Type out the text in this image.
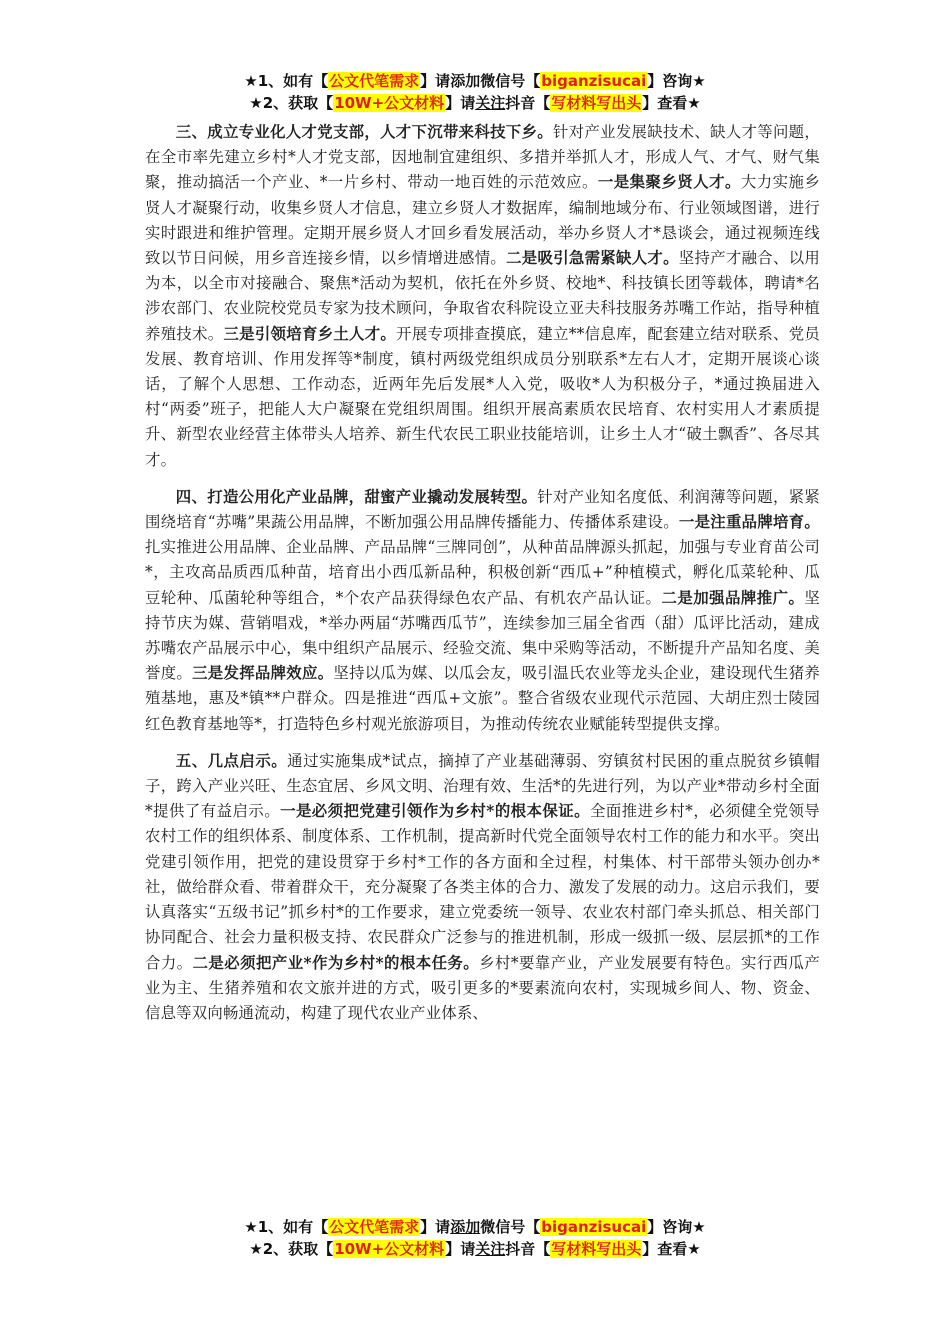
★1、如有【公文代笔需求】请添加微信号【biganzisucai】咨询★
★2、获取【10W+公文材料】请关注抖音【写材料写出头】查看★

三、成立专业化人才党支部，人才下沉带来科技下乡。针对产业发展缺技术、缺人才等问题，在全市率先建立乡村*人才党支部，因地制宜建组织、多措并举抓人才，形成人气、才气、财气集聚，推动搞活一个产业、*一片乡村、带动一地百姓的示范效应。一是集聚乡贤人才。大力实施乡贤人才凝聚行动，收集乡贤人才信息，建立乡贤人才数据库，编制地域分布、行业领域图谱，进行实时跟进和维护管理。定期开展乡贤人才回乡看发展活动，举办乡贤人才*恳谈会，通过视频连线致以节日问候，用乡音连接乡情，以乡情增进感情。二是吸引急需紧缺人才。坚持产才融合、以用为本，以全市对接融合、聚焦*活动为契机，依托在外乡贤、校地*、科技镇长团等载体，聘请*名涉农部门、农业院校党员专家为技术顾问，争取省农科院设立亚夫科技服务苏嘴工作站，指导种植养殖技术。三是引领培育乡土人才。开展专项排查摸底，建立**信息库，配套建立结对联系、党员发展、教育培训、作用发挥等*制度，镇村两级党组织成员分别联系*左右人才，定期开展谈心谈话，了解个人思想、工作动态，近两年先后发展*人入党，吸收*人为积极分子，*通过换届进入村“两委”班子，把能人大户凝聚在党组织周围。组织开展高素质农民培育、农村实用人才素质提升、新型农业经营主体带头人培养、新生代农民工职业技能培训，让乡土人才“破土飘香”、各尽其才。

四、打造公用化产业品牌，甜蜜产业撬动发展转型。针对产业知名度低、利润薄等问题，紧紧围绕培育“苏嘴”果蔬公用品牌，不断加强公用品牌传播能力、传播体系建设。一是注重品牌培育。扎实推进公用品牌、企业品牌、产品品牌“三牌同创”，从种苗品牌源头抓起，加强与专业育苗公司*，主攻高品质西瓜种苗，培育出小西瓜新品种，积极创新“西瓜+”种植模式，孵化瓜菜轮种、瓜豆轮种、瓜菌轮种等组合，*个农产品获得绿色农产品、有机农产品认证。二是加强品牌推广。坚持节庆为媒、营销唱戏，*举办两届“苏嘴西瓜节”，连续参加三届全省西（甜）瓜评比活动，建成苏嘴农产品展示中心，集中组织产品展示、经验交流、集中采购等活动，不断提升产品知名度、美誉度。三是发挥品牌效应。坚持以瓜为媒、以瓜会友，吸引温氏农业等龙头企业，建设现代生猪养殖基地，惠及*镇**户群众。四是推进“西瓜+文旅”。整合省级农业现代示范园、大胡庄烈士陵园红色教育基地等*，打造特色乡村观光旅游项目，为推动传统农业赋能转型提供支撑。

五、几点启示。通过实施集成*试点，摘掉了产业基础薄弱、穷镇贫村民困的重点脱贫乡镇帽子，跨入产业兴旺、生态宜居、乡风文明、治理有效、生活*的先进行列，为以产业*带动乡村全面*提供了有益启示。一是必须把党建引领作为乡村*的根本保证。全面推进乡村*，必须健全党领导农村工作的组织体系、制度体系、工作机制，提高新时代党全面领导农村工作的能力和水平。突出党建引领作用，把党的建设贯穿于乡村*工作的各方面和全过程，村集体、村干部带头领办创办*社，做给群众看、带着群众干，充分凝聚了各类主体的合力、激发了发展的动力。这启示我们，要认真落实“五级书记”抓乡村*的工作要求，建立党委统一领导、农业农村部门牵头抓总、相关部门协同配合、社会力量积极支持、农民群众广泛参与的推进机制，形成一级抓一级、层层抓*的工作合力。二是必须把产业*作为乡村*的根本任务。乡村*要靠产业，产业发展要有特色。实行西瓜产业为主、生猪养殖和农文旅并进的方式，吸引更多的*要素流向农村，实现城乡间人、物、资金、信息等双向畅通流动，构建了现代农业产业体系、

★1、如有【公文代笔需求】请添加微信号【biganzisucai】咨询★
★2、获取【10W+公文材料】请关注抖音【写材料写出头】查看★
